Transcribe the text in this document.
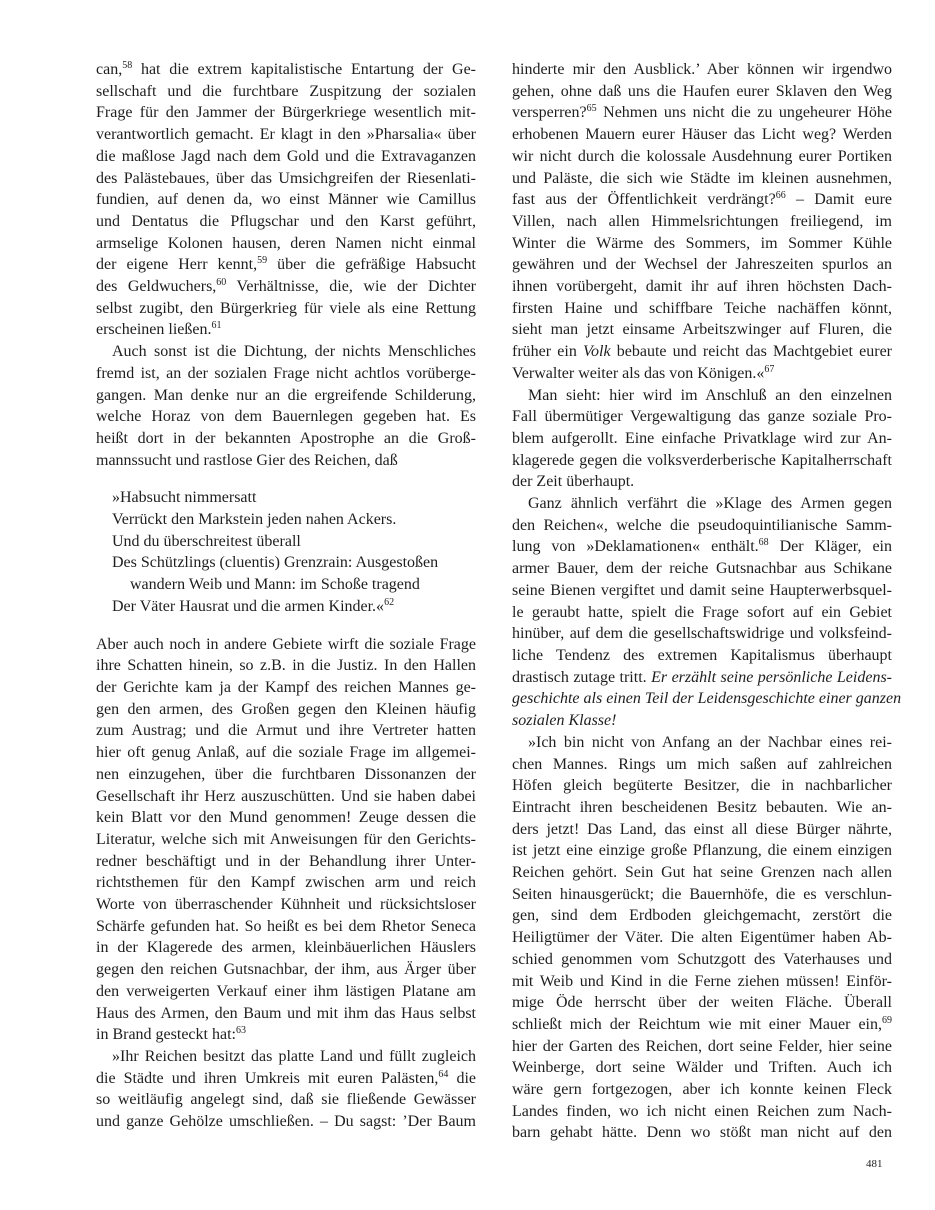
can,$^{58}$ hat die extrem kapitalistische Entartung der Ge-
sellschaft und die furchtbare Zuspitzung der sozialen
Frage für den Jammer der Bürgerkriege wesentlich mit-
verantwortlich gemacht. Er klagt in den »Pharsalia« über
die maßlose Jagd nach dem Gold und die Extravaganzen
des Palästebaues, über das Umsichgreifen der Riesenlati-
fundien, auf denen da, wo einst Männer wie Camillus
und Dentatus die Pflugschar und den Karst geführt,
armselige Kolonen hausen, deren Namen nicht einmal
der eigene Herr kennt,$^{59}$ über die gefräßige Habsucht
des Geldwuchers,$^{60}$ Verhältnisse, die, wie der Dichter
selbst zugibt, den Bürgerkrieg für viele als eine Rettung
erscheinen ließen.$^{61}$
Auch sonst ist die Dichtung, der nichts Menschliches
fremd ist, an der sozialen Frage nicht achtlos vorüberge-
gangen. Man denke nur an die ergreifende Schilderung,
welche Horaz von dem Bauernlegen gegeben hat. Es
heißt dort in der bekannten Apostrophe an die Groß-
mannssucht und rastlose Gier des Reichen, daß
»Habsucht nimmersatt
Verrückt den Markstein jeden nahen Ackers.
Und du überschreitest überall
Des Schützlings (cluentis) Grenzrain: Ausgestoßen
wandern Weib und Mann: im Schoße tragend
Der Väter Hausrat und die armen Kinder.«$^{62}$
Aber auch noch in andere Gebiete wirft die soziale Frage
ihre Schatten hinein, so z.B. in die Justiz. In den Hallen
der Gerichte kam ja der Kampf des reichen Mannes ge-
gen den armen, des Großen gegen den Kleinen häufig
zum Austrag; und die Armut und ihre Vertreter hatten
hier oft genug Anlaß, auf die soziale Frage im allgemei-
nen einzugehen, über die furchtbaren Dissonanzen der
Gesellschaft ihr Herz auszuschütten. Und sie haben dabei
kein Blatt vor den Mund genommen! Zeuge dessen die
Literatur, welche sich mit Anweisungen für den Gerichts-
redner beschäftigt und in der Behandlung ihrer Unter-
richtsthemen für den Kampf zwischen arm und reich
Worte von überraschender Kühnheit und rücksichtsloser
Schärfe gefunden hat. So heißt es bei dem Rhetor Seneca
in der Klagerede des armen, kleinbäuerlichen Häuslers
gegen den reichen Gutsnachbar, der ihm, aus Ärger über
den verweigerten Verkauf einer ihm lästigen Platane am
Haus des Armen, den Baum und mit ihm das Haus selbst
in Brand gesteckt hat:$^{63}$
»Ihr Reichen besitzt das platte Land und füllt zugleich
die Städte und ihren Umkreis mit euren Palästen,$^{64}$ die
so weitläufig angelegt sind, daß sie fließende Gewässer
und ganze Gehölze umschließen. – Du sagst: ’Der Baum
hinderte mir den Ausblick.’ Aber können wir irgendwo
gehen, ohne daß uns die Haufen eurer Sklaven den Weg
versperren?$^{65}$ Nehmen uns nicht die zu ungeheurer Höhe
erhobenen Mauern eurer Häuser das Licht weg? Werden
wir nicht durch die kolossale Ausdehnung eurer Portiken
und Paläste, die sich wie Städte im kleinen ausnehmen,
fast aus der Öffentlichkeit verdrängt?$^{66}$ – Damit eure
Villen, nach allen Himmelsrichtungen freiliegend, im
Winter die Wärme des Sommers, im Sommer Kühle
gewähren und der Wechsel der Jahreszeiten spurlos an
ihnen vorübergeht, damit ihr auf ihren höchsten Dach-
firsten Haine und schiffbare Teiche nachäffen könnt,
sieht man jetzt einsame Arbeitszwinger auf Fluren, die
früher ein Volk bebaute und reicht das Machtgebiet eurer
Verwalter weiter als das von Königen.«$^{67}$
Man sieht: hier wird im Anschluß an den einzelnen
Fall übermütiger Vergewaltigung das ganze soziale Pro-
blem aufgerollt. Eine einfache Privatklage wird zur An-
klagerede gegen die volksverderberische Kapitalherrschaft
der Zeit überhaupt.
Ganz ähnlich verfährt die »Klage des Armen gegen
den Reichen«, welche die pseudoquintilianische Samm-
lung von »Deklamationen« enthält.$^{68}$ Der Kläger, ein
armer Bauer, dem der reiche Gutsnachbar aus Schikane
seine Bienen vergiftet und damit seine Haupterwerbsquel-
le geraubt hatte, spielt die Frage sofort auf ein Gebiet
hinüber, auf dem die gesellschaftswidrige und volksfeind-
liche Tendenz des extremen Kapitalismus überhaupt
drastisch zutage tritt. Er erzählt seine persönliche Leidens-
geschichte als einen Teil der Leidensgeschichte einer ganzen
sozialen Klasse!
»Ich bin nicht von Anfang an der Nachbar eines rei-
chen Mannes. Rings um mich saßen auf zahlreichen
Höfen gleich begüterte Besitzer, die in nachbarlicher
Eintracht ihren bescheidenen Besitz bebauten. Wie an-
ders jetzt! Das Land, das einst all diese Bürger nährte,
ist jetzt eine einzige große Pflanzung, die einem einzigen
Reichen gehört. Sein Gut hat seine Grenzen nach allen
Seiten hinausgerückt; die Bauernhöfe, die es verschlun-
gen, sind dem Erdboden gleichgemacht, zerstört die
Heiligtümer der Väter. Die alten Eigentümer haben Ab-
schied genommen vom Schutzgott des Vaterhauses und
mit Weib und Kind in die Ferne ziehen müssen! Einför-
mige Öde herrscht über der weiten Fläche. Überall
schließt mich der Reichtum wie mit einer Mauer ein,$^{69}$
hier der Garten des Reichen, dort seine Felder, hier seine
Weinberge, dort seine Wälder und Triften. Auch ich
wäre gern fortgezogen, aber ich konnte keinen Fleck
Landes finden, wo ich nicht einen Reichen zum Nach-
barn gehabt hätte. Denn wo stößt man nicht auf den
481
